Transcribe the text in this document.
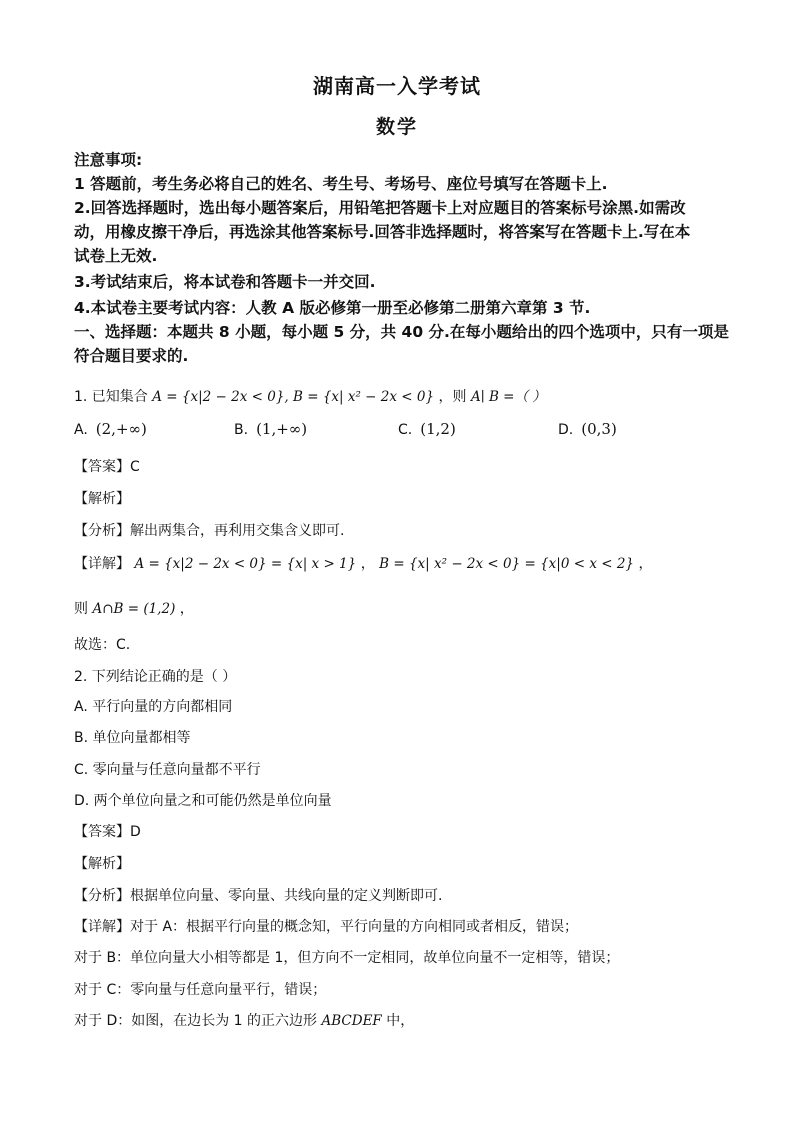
湖南高一入学考试
数学
注意事项:
1 答题前，考生务必将自己的姓名、考生号、考场号、座位号填写在答题卡上.
2.回答选择题时，选出每小题答案后，用铅笔把答题卡上对应题目的答案标号涂黑.如需改
动，用橡皮擦干净后，再选涂其他答案标号.回答非选择题时，将答案写在答题卡上.写在本
试卷上无效.
3.考试结束后，将本试卷和答题卡一并交回.
4.本试卷主要考试内容：人教 A 版必修第一册至必修第二册第六章第 3 节.
一、选择题：本题共 8 小题，每小题 5 分，共 40 分.在每小题给出的四个选项中，只有一项是
符合题目要求的.
1. 已知集合 A = {x|2 − 2x < 0}, B = {x| x² − 2x < 0} ，则 A∣ B =（ ）
A. (2,+∞)	B. (1,+∞)	C. (1,2)	D. (0,3)
【答案】C
【解析】
【分析】解出两集合，再利用交集含义即可.
【详解】 A = {x|2 − 2x < 0} = {x| x > 1} ， B = {x| x² − 2x < 0} = {x|0 < x < 2} ，
则 A∩B = (1,2) ，
故选：C.
2. 下列结论正确的是（ ）
A. 平行向量的方向都相同
B. 单位向量都相等
C. 零向量与任意向量都不平行
D. 两个单位向量之和可能仍然是单位向量
【答案】D
【解析】
【分析】根据单位向量、零向量、共线向量的定义判断即可.
【详解】对于 A：根据平行向量的概念知，平行向量的方向相同或者相反，错误；
对于 B：单位向量大小相等都是 1，但方向不一定相同，故单位向量不一定相等，错误；
对于 C：零向量与任意向量平行，错误；
对于 D：如图，在边长为 1 的正六边形 ABCDEF 中，
